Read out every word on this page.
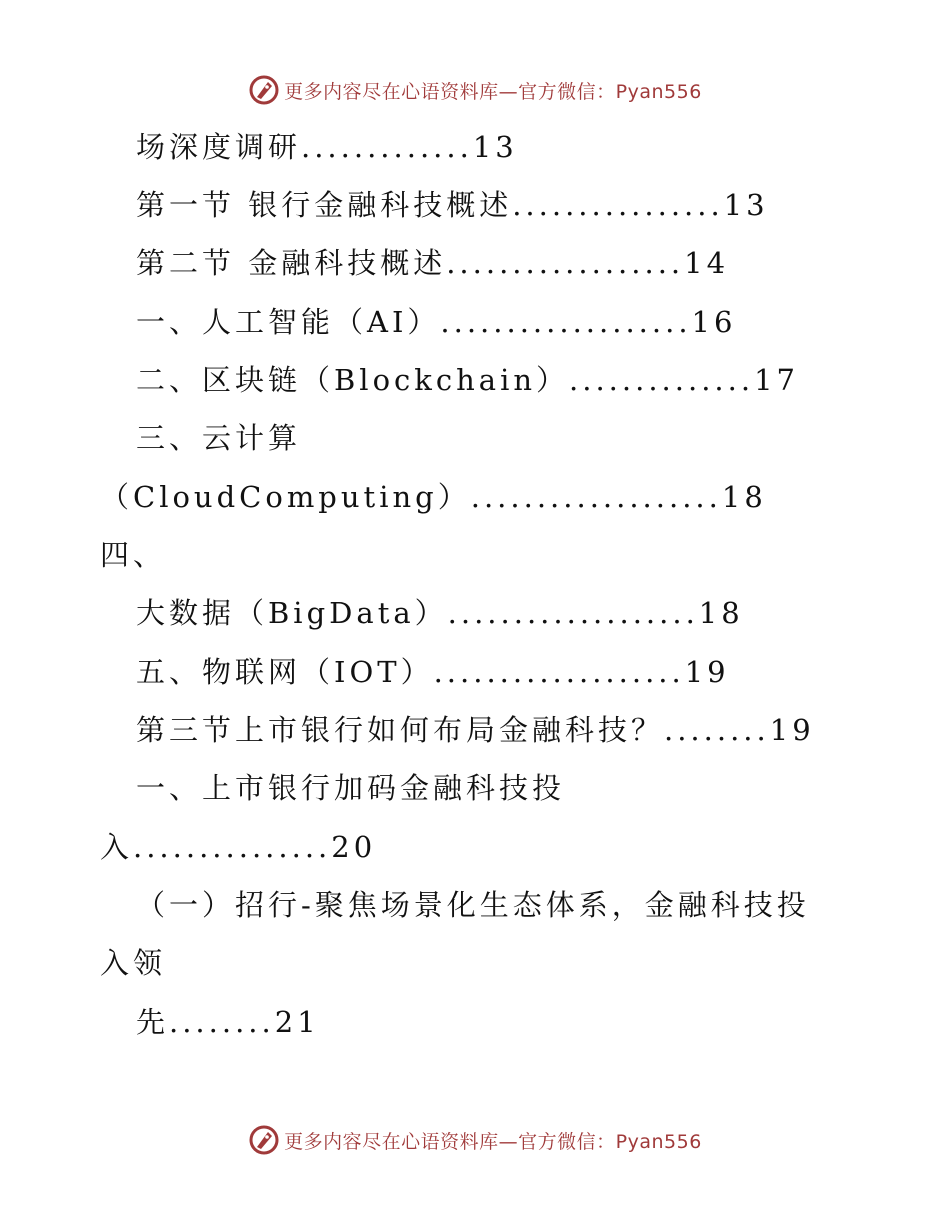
更多内容尽在心语资料库—官方微信：Pyan556
场深度调研.............13
第一节 银行金融科技概述................13
第二节 金融科技概述..................14
一、人工智能（AI）...................16
二、区块链（Blockchain）..............17
三、云计算
（CloudComputing）...................18
四、
大数据（BigData）...................18
五、物联网（IOT）...................19
第三节上市银行如何布局金融科技？........19
一、上市银行加码金融科技投
入...............20
（一）招行-聚焦场景化生态体系，金融科技投
入领
先........21
更多内容尽在心语资料库—官方微信：Pyan556
